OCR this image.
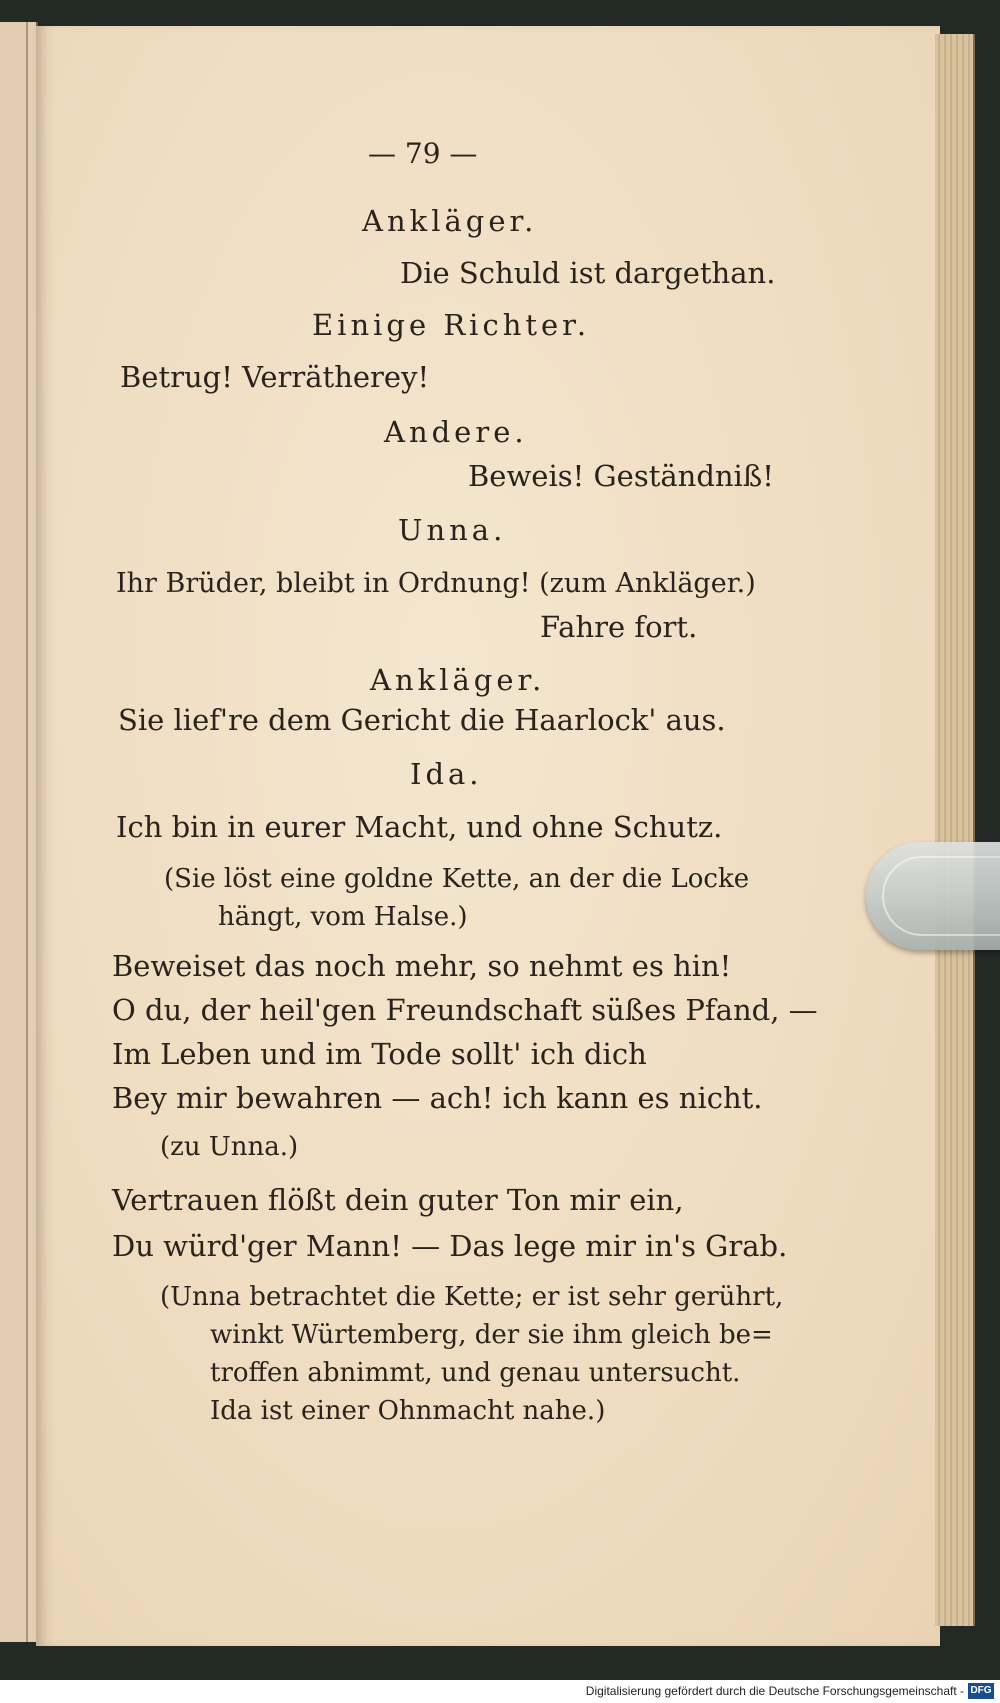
— 79 —
Ankläger.
Die Schuld ist dargethan.
Einige Richter.
Betrug! Verrätherey!
Andere.
Beweis! Geständniß!
Unna.
Ihr Brüder, bleibt in Ordnung! (zum Ankläger.)
Fahre fort.
Ankläger.
Sie lief're dem Gericht die Haarlock' aus.
Ida.
Ich bin in eurer Macht, und ohne Schutz.
(Sie löst eine goldne Kette, an der die Locke
hängt, vom Halse.)
Beweiset das noch mehr, so nehmt es hin!
O du, der heil'gen Freundschaft süßes Pfand, —
Im Leben und im Tode sollt' ich dich
Bey mir bewahren — ach! ich kann es nicht.
(zu Unna.)
Vertrauen flößt dein guter Ton mir ein,
Du würd'ger Mann! — Das lege mir in's Grab.
(Unna betrachtet die Kette; er ist sehr gerührt,
winkt Würtemberg, der sie ihm gleich be=
troffen abnimmt, und genau untersucht.
Ida ist einer Ohnmacht nahe.)
Digitalisierung gefördert durch die Deutsche Forschungsgemeinschaft - DFG
